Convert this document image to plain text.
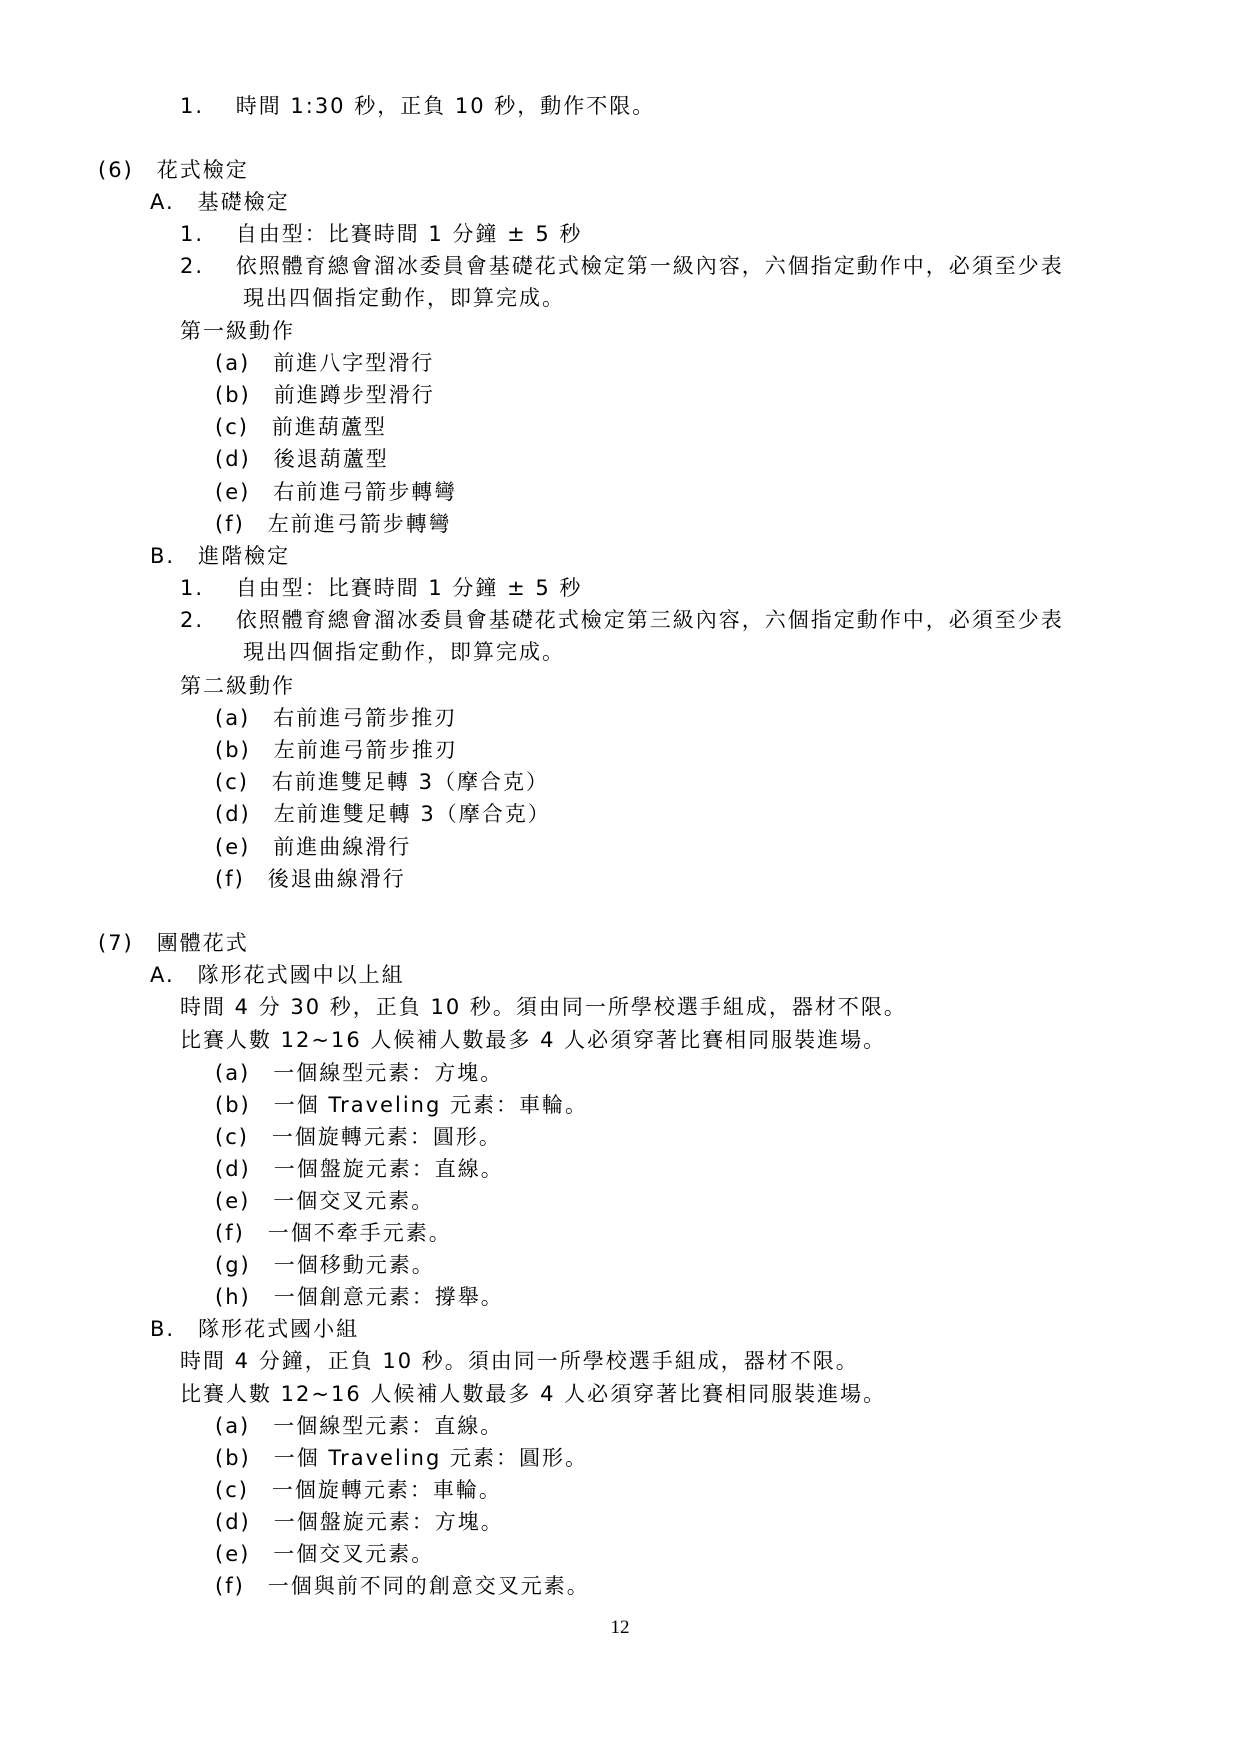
1.　 時間 1:30 秒，正負 10 秒，動作不限。
(6)　花式檢定
A.　基礎檢定
1.　 自由型：比賽時間 1 分鐘 ± 5 秒
2.　 依照體育總會溜冰委員會基礎花式檢定第一級內容，六個指定動作中，必須至少表
現出四個指定動作，即算完成。
第一級動作
(a)　前進八字型滑行
(b)　前進蹲步型滑行
(c)　前進葫蘆型
(d)　後退葫蘆型
(e)　右前進弓箭步轉彎
(f)　左前進弓箭步轉彎
B.　進階檢定
1.　 自由型：比賽時間 1 分鐘 ± 5 秒
2.　 依照體育總會溜冰委員會基礎花式檢定第三級內容，六個指定動作中，必須至少表
現出四個指定動作，即算完成。
第二級動作
(a)　右前進弓箭步推刃
(b)　左前進弓箭步推刃
(c)　右前進雙足轉 3（摩合克）
(d)　左前進雙足轉 3（摩合克）
(e)　前進曲線滑行
(f)　後退曲線滑行
(7)　團體花式
A.　隊形花式國中以上組
時間 4 分 30 秒，正負 10 秒。須由同一所學校選手組成，器材不限。
比賽人數 12~16 人候補人數最多 4 人必須穿著比賽相同服裝進場。
(a)　一個線型元素：方塊。
(b)　一個 Traveling 元素：車輪。
(c)　一個旋轉元素：圓形。
(d)　一個盤旋元素：直線。
(e)　一個交叉元素。
(f)　一個不牽手元素。
(g)　一個移動元素。
(h)　一個創意元素：撐舉。
B.　隊形花式國小組
時間 4 分鐘，正負 10 秒。須由同一所學校選手組成，器材不限。
比賽人數 12~16 人候補人數最多 4 人必須穿著比賽相同服裝進場。
(a)　一個線型元素：直線。
(b)　一個 Traveling 元素：圓形。
(c)　一個旋轉元素：車輪。
(d)　一個盤旋元素：方塊。
(e)　一個交叉元素。
(f)　一個與前不同的創意交叉元素。
12
